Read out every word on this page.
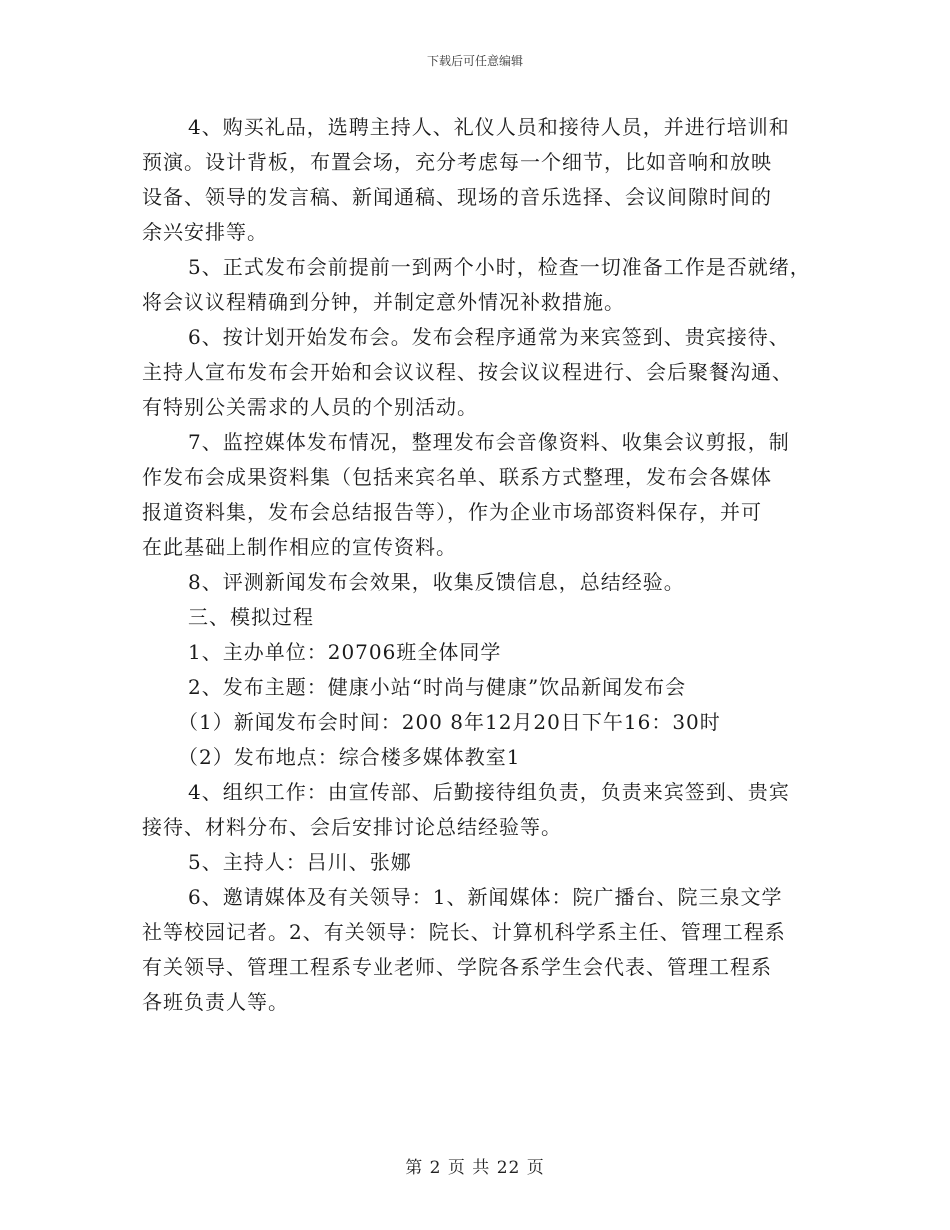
下载后可任意编辑
4、购买礼品，选聘主持人、礼仪人员和接待人员，并进行培训和
预演。设计背板，布置会场，充分考虑每一个细节，比如音响和放映
设备、领导的发言稿、新闻通稿、现场的音乐选择、会议间隙时间的
余兴安排等。
5、正式发布会前提前一到两个小时，检查一切准备工作是否就绪，
将会议议程精确到分钟，并制定意外情况补救措施。
6、按计划开始发布会。发布会程序通常为来宾签到、贵宾接待、
主持人宣布发布会开始和会议议程、按会议议程进行、会后聚餐沟通、
有特别公关需求的人员的个别活动。
7、监控媒体发布情况，整理发布会音像资料、收集会议剪报，制
作发布会成果资料集（包括来宾名单、联系方式整理，发布会各媒体
报道资料集，发布会总结报告等），作为企业市场部资料保存，并可
在此基础上制作相应的宣传资料。
8、评测新闻发布会效果，收集反馈信息，总结经验。
三、模拟过程
1、主办单位：20706班全体同学
2、发布主题：健康小站“时尚与健康”饮品新闻发布会
（1）新闻发布会时间：200 8年12月20日下午16：30时
（2）发布地点：综合楼多媒体教室1
4、组织工作：由宣传部、后勤接待组负责，负责来宾签到、贵宾
接待、材料分布、会后安排讨论总结经验等。
5、主持人：吕川、张娜
6、邀请媒体及有关领导：1、新闻媒体：院广播台、院三泉文学
社等校园记者。2、有关领导：院长、计算机科学系主任、管理工程系
有关领导、管理工程系专业老师、学院各系学生会代表、管理工程系
各班负责人等。
第 2 页 共 22 页
